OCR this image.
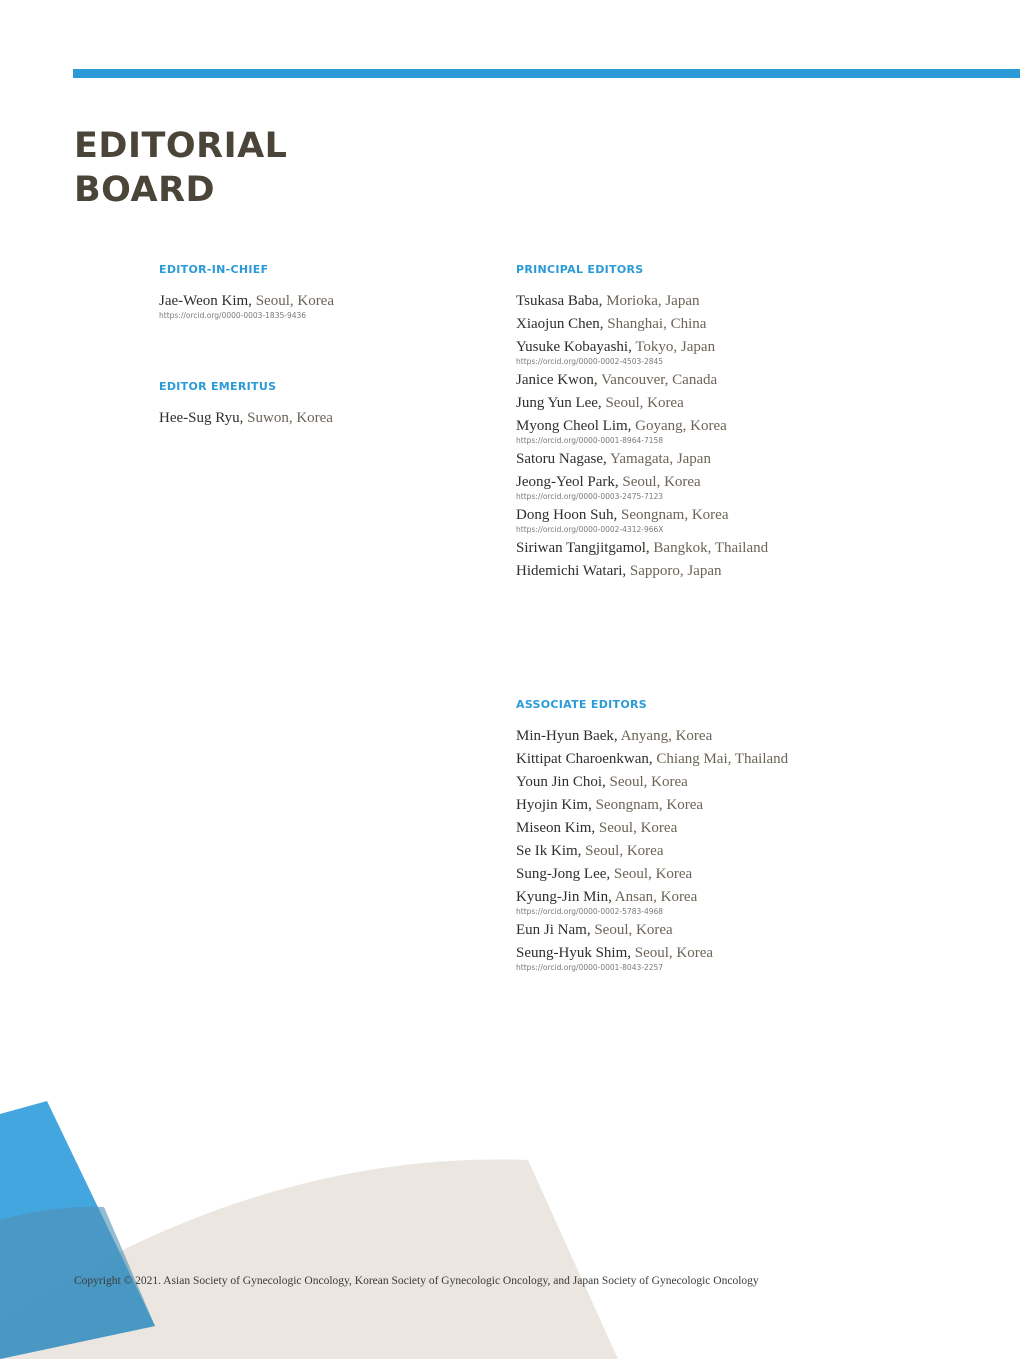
EDITORIAL
BOARD
EDITOR-IN-CHIEF
Jae-Weon Kim, Seoul, Korea
https://orcid.org/0000-0003-1835-9436
EDITOR EMERITUS
Hee-Sug Ryu, Suwon, Korea
PRINCIPAL EDITORS
Tsukasa Baba, Morioka, Japan
Xiaojun Chen, Shanghai, China
Yusuke Kobayashi, Tokyo, Japan
https://orcid.org/0000-0002-4503-2845
Janice Kwon, Vancouver, Canada
Jung Yun Lee, Seoul, Korea
Myong Cheol Lim, Goyang, Korea
https://orcid.org/0000-0001-8964-7158
Satoru Nagase, Yamagata, Japan
Jeong-Yeol Park, Seoul, Korea
https://orcid.org/0000-0003-2475-7123
Dong Hoon Suh, Seongnam, Korea
https://orcid.org/0000-0002-4312-966X
Siriwan Tangjitgamol, Bangkok, Thailand
Hidemichi Watari, Sapporo, Japan
ASSOCIATE EDITORS
Min-Hyun Baek, Anyang, Korea
Kittipat Charoenkwan, Chiang Mai, Thailand
Youn Jin Choi, Seoul, Korea
Hyojin Kim, Seongnam, Korea
Miseon Kim, Seoul, Korea
Se Ik Kim, Seoul, Korea
Sung-Jong Lee, Seoul, Korea
Kyung-Jin Min, Ansan, Korea
https://orcid.org/0000-0002-5783-4968
Eun Ji Nam, Seoul, Korea
Seung-Hyuk Shim, Seoul, Korea
https://orcid.org/0000-0001-8043-2257
Copyright © 2021. Asian Society of Gynecologic Oncology, Korean Society of Gynecologic Oncology, and Japan Society of Gynecologic Oncology
